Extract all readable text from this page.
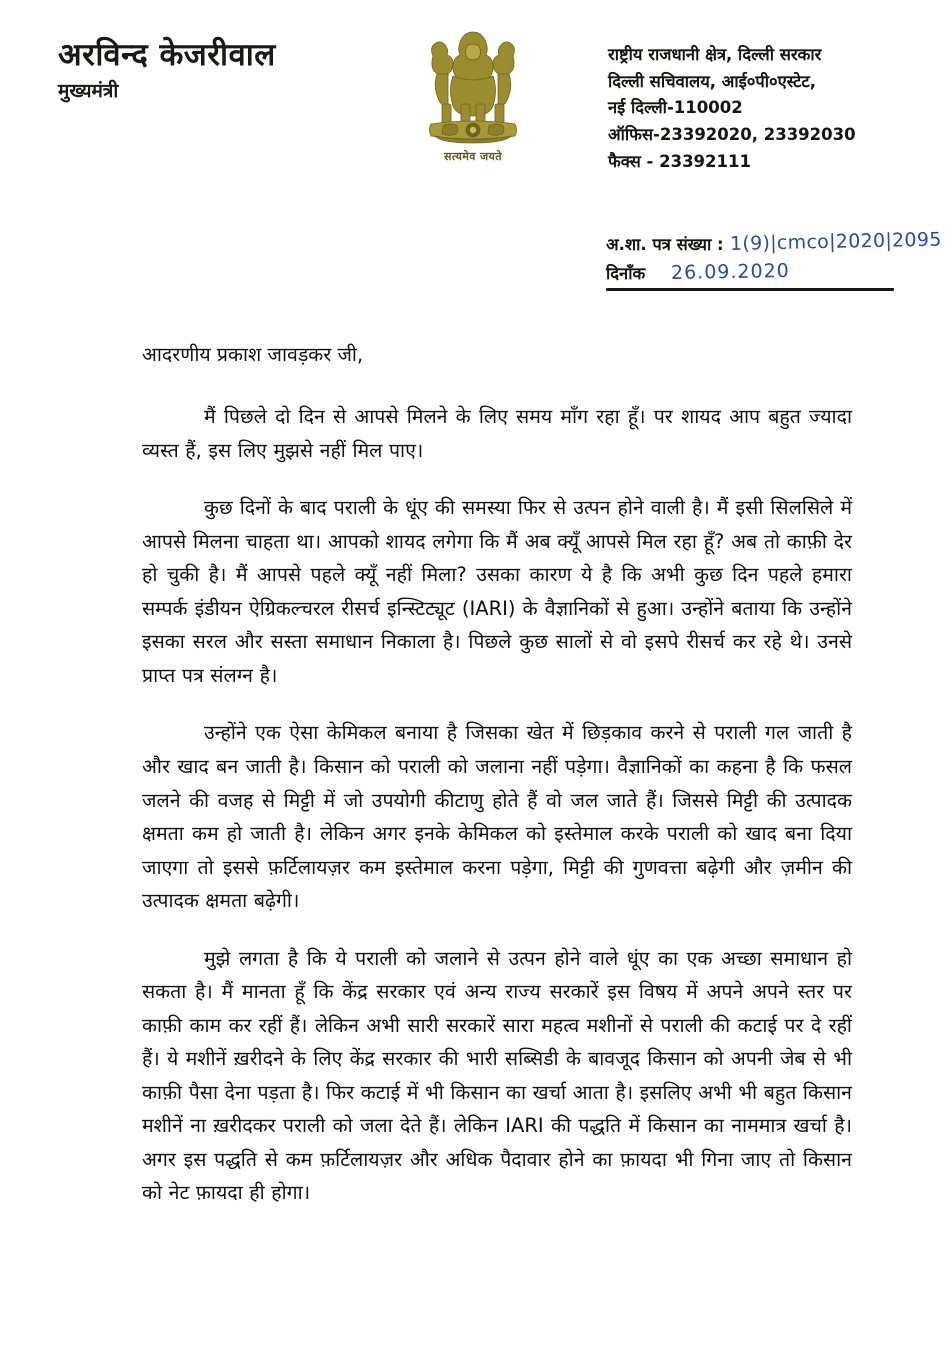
अरविन्द केजरीवाल
मुख्यमंत्री
सत्यमेव जयते
राष्ट्रीय राजधानी क्षेत्र, दिल्ली सरकार
दिल्ली सचिवालय, आई०पी०एस्टेट,
नई दिल्ली-110002
ऑफिस-23392020, 23392030
फैक्स - 23392111
अ.शा. पत्र संख्या : 1(9)|cmco|2020|2095
दिनाँक 26.09.2020
आदरणीय प्रकाश जावड़कर जी,

मैं पिछले दो दिन से आपसे मिलने के लिए समय माँग रहा हूँ। पर शायद आप बहुत ज्यादा व्यस्त हैं, इस लिए मुझसे नहीं मिल पाए।

कुछ दिनों के बाद पराली के धूंए की समस्या फिर से उत्पन होने वाली है। मैं इसी सिलसिले में आपसे मिलना चाहता था। आपको शायद लगेगा कि मैं अब क्यूँ आपसे मिल रहा हूँ? अब तो काफ़ी देर हो चुकी है। मैं आपसे पहले क्यूँ नहीं मिला? उसका कारण ये है कि अभी कुछ दिन पहले हमारा सम्पर्क इंडीयन ऐग्रिकल्चरल रीसर्च इन्स्टिट्यूट (IARI) के वैज्ञानिकों से हुआ। उन्होंने बताया कि उन्होंने इसका सरल और सस्ता समाधान निकाला है। पिछले कुछ सालों से वो इसपे रीसर्च कर रहे थे। उनसे प्राप्त पत्र संलग्न है।

उन्होंने एक ऐसा केमिकल बनाया है जिसका खेत में छिड़काव करने से पराली गल जाती है और खाद बन जाती है। किसान को पराली को जलाना नहीं पड़ेगा। वैज्ञानिकों का कहना है कि फसल जलने की वजह से मिट्टी में जो उपयोगी कीटाणु होते हैं वो जल जाते हैं। जिससे मिट्टी की उत्पादक क्षमता कम हो जाती है। लेकिन अगर इनके केमिकल को इस्तेमाल करके पराली को खाद बना दिया जाएगा तो इससे फ़र्टिलायज़र कम इस्तेमाल करना पड़ेगा, मिट्टी की गुणवत्ता बढ़ेगी और ज़मीन की उत्पादक क्षमता बढ़ेगी।

मुझे लगता है कि ये पराली को जलाने से उत्पन होने वाले धूंए का एक अच्छा समाधान हो सकता है। मैं मानता हूँ कि केंद्र सरकार एवं अन्य राज्य सरकारें इस विषय में अपने अपने स्तर पर काफ़ी काम कर रहीं हैं। लेकिन अभी सारी सरकारें सारा महत्व मशीनों से पराली की कटाई पर दे रहीं हैं। ये मशीनें ख़रीदने के लिए केंद्र सरकार की भारी सब्सिडी के बावजूद किसान को अपनी जेब से भी काफ़ी पैसा देना पड़ता है। फिर कटाई में भी किसान का खर्चा आता है। इसलिए अभी भी बहुत किसान मशीनें ना ख़रीदकर पराली को जला देते हैं। लेकिन IARI की पद्धति में किसान का नाममात्र खर्चा है। अगर इस पद्धति से कम फ़र्टिलायज़र और अधिक पैदावार होने का फ़ायदा भी गिना जाए तो किसान को नेट फ़ायदा ही होगा।
